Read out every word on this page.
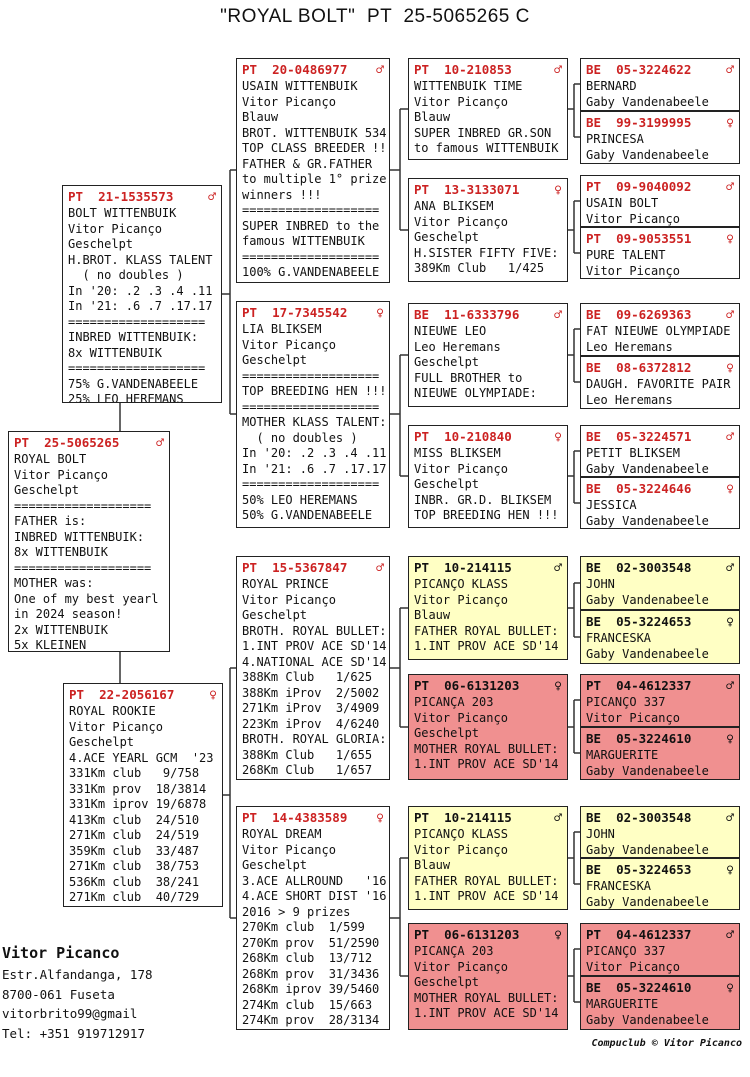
"ROYAL BOLT"  PT  25-5065265 C
PT  25-5065265	♂
ROYAL BOLT
Vitor Picanço
Geschelpt
===================
FATHER is:
INBRED WITTENBUIK:
8x WITTENBUIK
===================
MOTHER was:
One of my best yearl
in 2024 season!
2x WITTENBUIK
5x KLEINEN
PT  21-1535573	♂
BOLT WITTENBUIK
Vitor Picanço
Geschelpt
H.BROT. KLASS TALENT
( no doubles )
In '20: .2 .3 .4 .11
In '21: .6 .7 .17.17
===================
INBRED WITTENBUIK:
8x WITTENBUIK
===================
75% G.VANDENABEELE
25% LEO HEREMANS
PT  22-2056167	♀
ROYAL ROOKIE
Vitor Picanço
Geschelpt
4.ACE YEARL GCM  '23
331Km club   9/758
331Km prov  18/3814
331Km iprov 19/6878
413Km club  24/510
271Km club  24/519
359Km club  33/487
271Km club  38/753
536Km club  38/241
271Km club  40/729
PT  20-0486977 ♂
USAIN WITTENBUIK
Vitor Picanço
Blauw
BROT. WITTENBUIK 534
TOP CLASS BREEDER !!
FATHER & GR.FATHER
to multiple 1° prize
winners !!!
===================
SUPER INBRED to the
famous WITTENBUIK
===================
100% G.VANDENABEELE
PT  17-7345542 ♀
LIA BLIKSEM
Vitor Picanço
Geschelpt
===================
TOP BREEDING HEN !!!
===================
MOTHER KLASS TALENT:
( no doubles )
In '20: .2 .3 .4 .11
In '21: .6 .7 .17.17
===================
50% LEO HEREMANS
50% G.VANDENABEELE
PT  15-5367847 ♂
ROYAL PRINCE
Vitor Picanço
Geschelpt
BROTH. ROYAL BULLET:
1.INT PROV ACE SD'14
4.NATIONAL ACE SD'14
388Km Club   1/625
388Km iProv  2/5002
271Km iProv  3/4909
223Km iProv  4/6240
BROTH. ROYAL GLORIA:
388Km Club   1/655
268Km Club   1/657
PT  14-4383589 ♀
ROYAL DREAM
Vitor Picanço
Geschelpt
3.ACE ALLROUND   '16
4.ACE SHORT DIST '16
2016 > 9 prizes
270Km club  1/599
270Km prov  51/2590
268Km club  13/712
268Km prov  31/3436
268Km iprov 39/5460
274Km club  15/663
274Km prov  28/3134
PT  10-210853	♂
WITTENBUIK TIME
Vitor Picanço
Blauw
SUPER INBRED GR.SON
to famous WITTENBUIK
PT  13-3133071	♀
ANA BLIKSEM
Vitor Picanço
Geschelpt
H.SISTER FIFTY FIVE:
389Km Club   1/425
BE  11-6333796	♂
NIEUWE LEO
Leo Heremans
Geschelpt
FULL BROTHER to
NIEUWE OLYMPIADE:
PT  10-210840	♀
MISS BLIKSEM
Vitor Picanço
Geschelpt
INBR. GR.D. BLIKSEM
TOP BREEDING HEN !!!
PT  10-214115	♂
PICANÇO KLASS
Vitor Picanço
Blauw
FATHER ROYAL BULLET:
1.INT PROV ACE SD'14
PT  06-6131203	♀
PICANÇA 203
Vitor Picanço
Geschelpt
MOTHER ROYAL BULLET:
1.INT PROV ACE SD'14
PT  10-214115	♂
PICANÇO KLASS
Vitor Picanço
Blauw
FATHER ROYAL BULLET:
1.INT PROV ACE SD'14
PT  06-6131203	♀
PICANÇA 203
Vitor Picanço
Geschelpt
MOTHER ROYAL BULLET:
1.INT PROV ACE SD'14
BE  05-3224622	♂
BERNARD
Gaby Vandenabeele
BE  99-3199995	♀
PRINCESA
Gaby Vandenabeele
PT  09-9040092	♂
USAIN BOLT
Vitor Picanço
PT  09-9053551	♀
PURE TALENT
Vitor Picanço
BE  09-6269363	♂
FAT NIEUWE OLYMPIADE
Leo Heremans
BE  08-6372812	♀
DAUGH. FAVORITE PAIR
Leo Heremans
BE  05-3224571	♂
PETIT BLIKSEM
Gaby Vandenabeele
BE  05-3224646	♀
JESSICA
Gaby Vandenabeele
BE  02-3003548	♂
JOHN
Gaby Vandenabeele
BE  05-3224653	♀
FRANCESKA
Gaby Vandenabeele
PT  04-4612337	♂
PICANÇO 337
Vitor Picanço
BE  05-3224610	♀
MARGUERITE
Gaby Vandenabeele
BE  02-3003548	♂
JOHN
Gaby Vandenabeele
BE  05-3224653	♀
FRANCESKA
Gaby Vandenabeele
PT  04-4612337	♂
PICANÇO 337
Vitor Picanço
BE  05-3224610	♀
MARGUERITE
Gaby Vandenabeele
Vitor Picanco
Estr.Alfandanga, 178
8700-061 Fuseta
vitorbrito99@gmail
Tel: +351 919712917
Compuclub © Vitor Picanco
